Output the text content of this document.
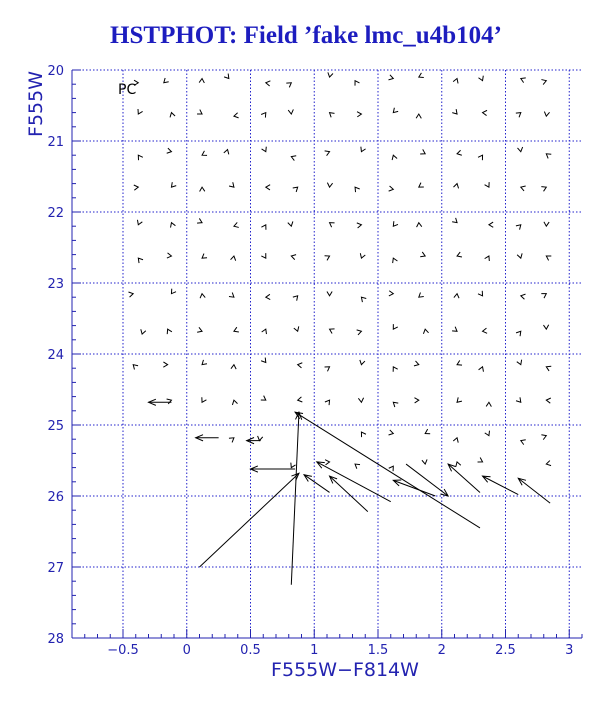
HSTPHOT: Field ’fake lmc_u4b104’
−0.5	0	0.5	1	1.5	2	2.5	3
20
21
22
23
24
25
26
27
28
PC
F555W−F814W
F555W
